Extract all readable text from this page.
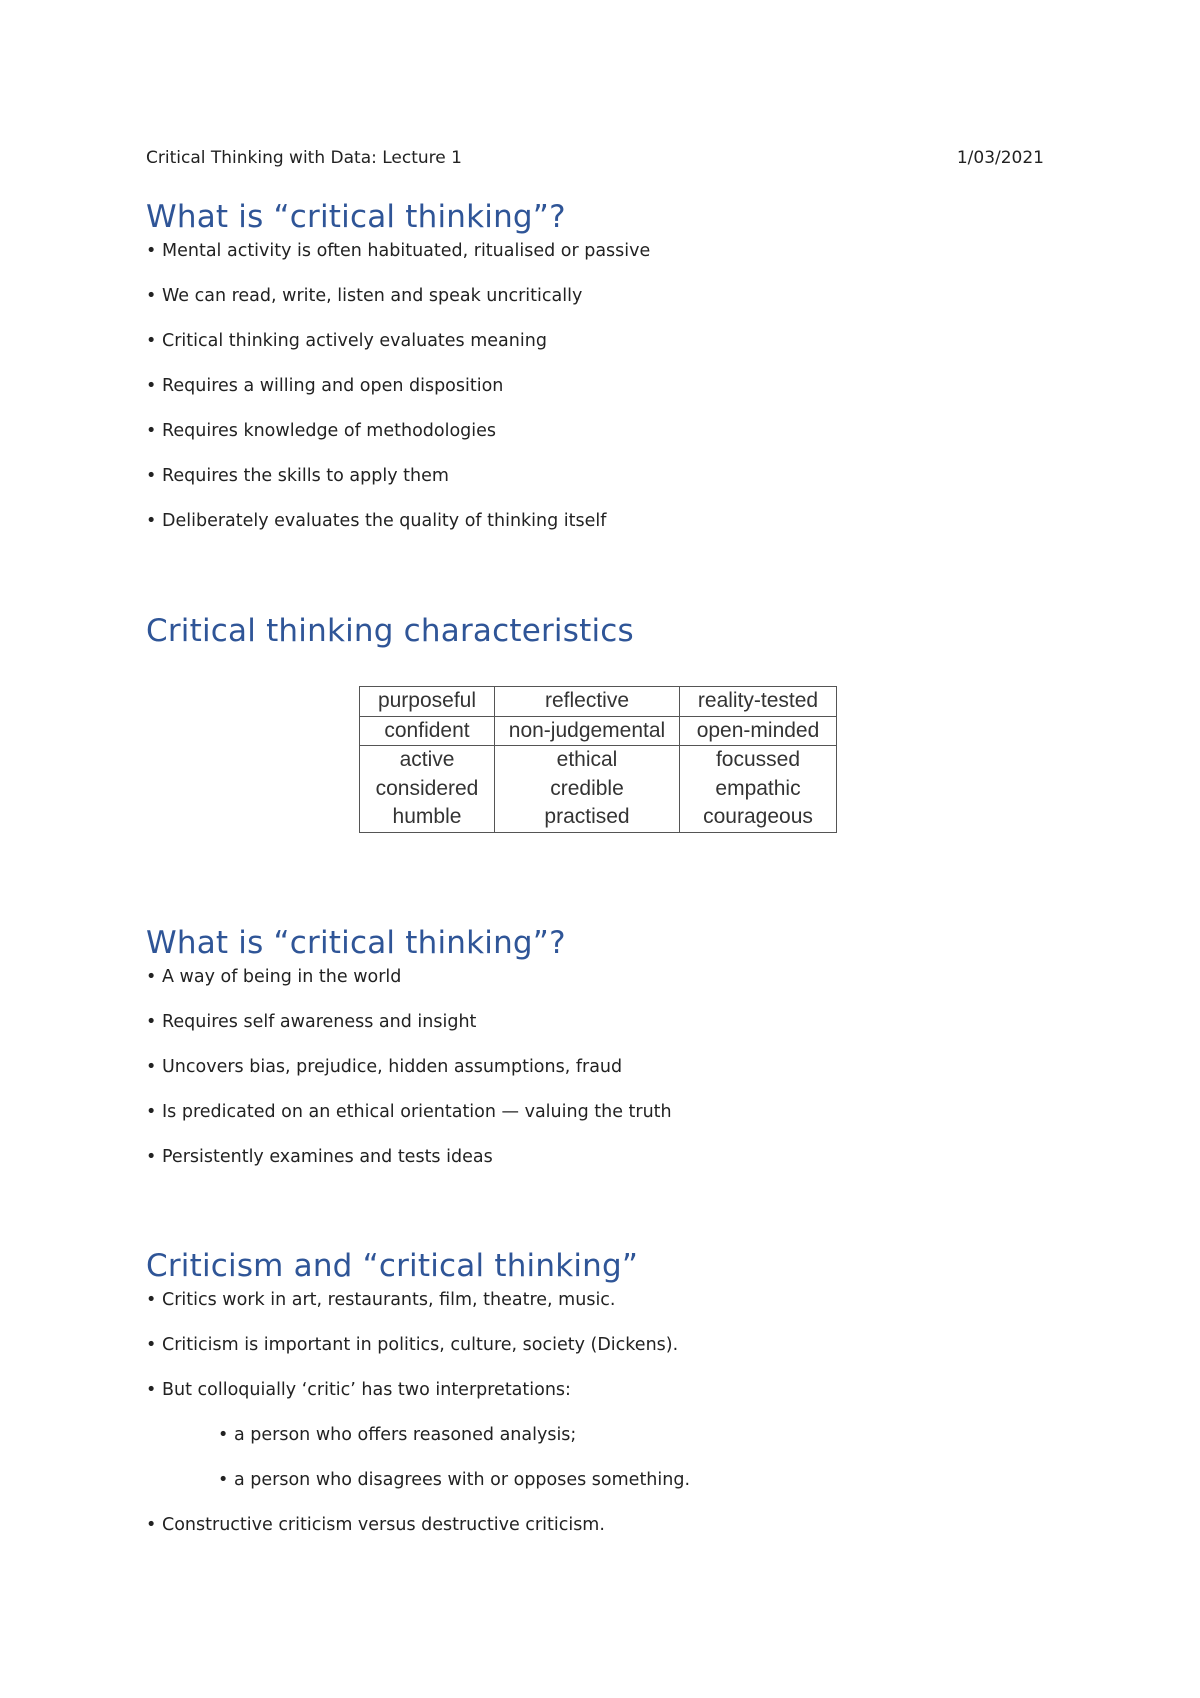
Critical Thinking with Data: Lecture 1	1/03/2021
What is “critical thinking”?
• Mental activity is often habituated, ritualised or passive
• We can read, write, listen and speak uncritically
• Critical thinking actively evaluates meaning
• Requires a willing and open disposition
• Requires knowledge of methodologies
• Requires the skills to apply them
• Deliberately evaluates the quality of thinking itself
Critical thinking characteristics
purposeful	reflective	reality-tested
confident	non-judgemental	open-minded
active	ethical	focussed
considered	credible	empathic
humble	practised	courageous
What is “critical thinking”?
• A way of being in the world
• Requires self awareness and insight
• Uncovers bias, prejudice, hidden assumptions, fraud
• Is predicated on an ethical orientation — valuing the truth
• Persistently examines and tests ideas
Criticism and “critical thinking”
• Critics work in art, restaurants, film, theatre, music.
• Criticism is important in politics, culture, society (Dickens).
• But colloquially ‘critic’ has two interpretations:
• a person who offers reasoned analysis;
• a person who disagrees with or opposes something.
• Constructive criticism versus destructive criticism.
